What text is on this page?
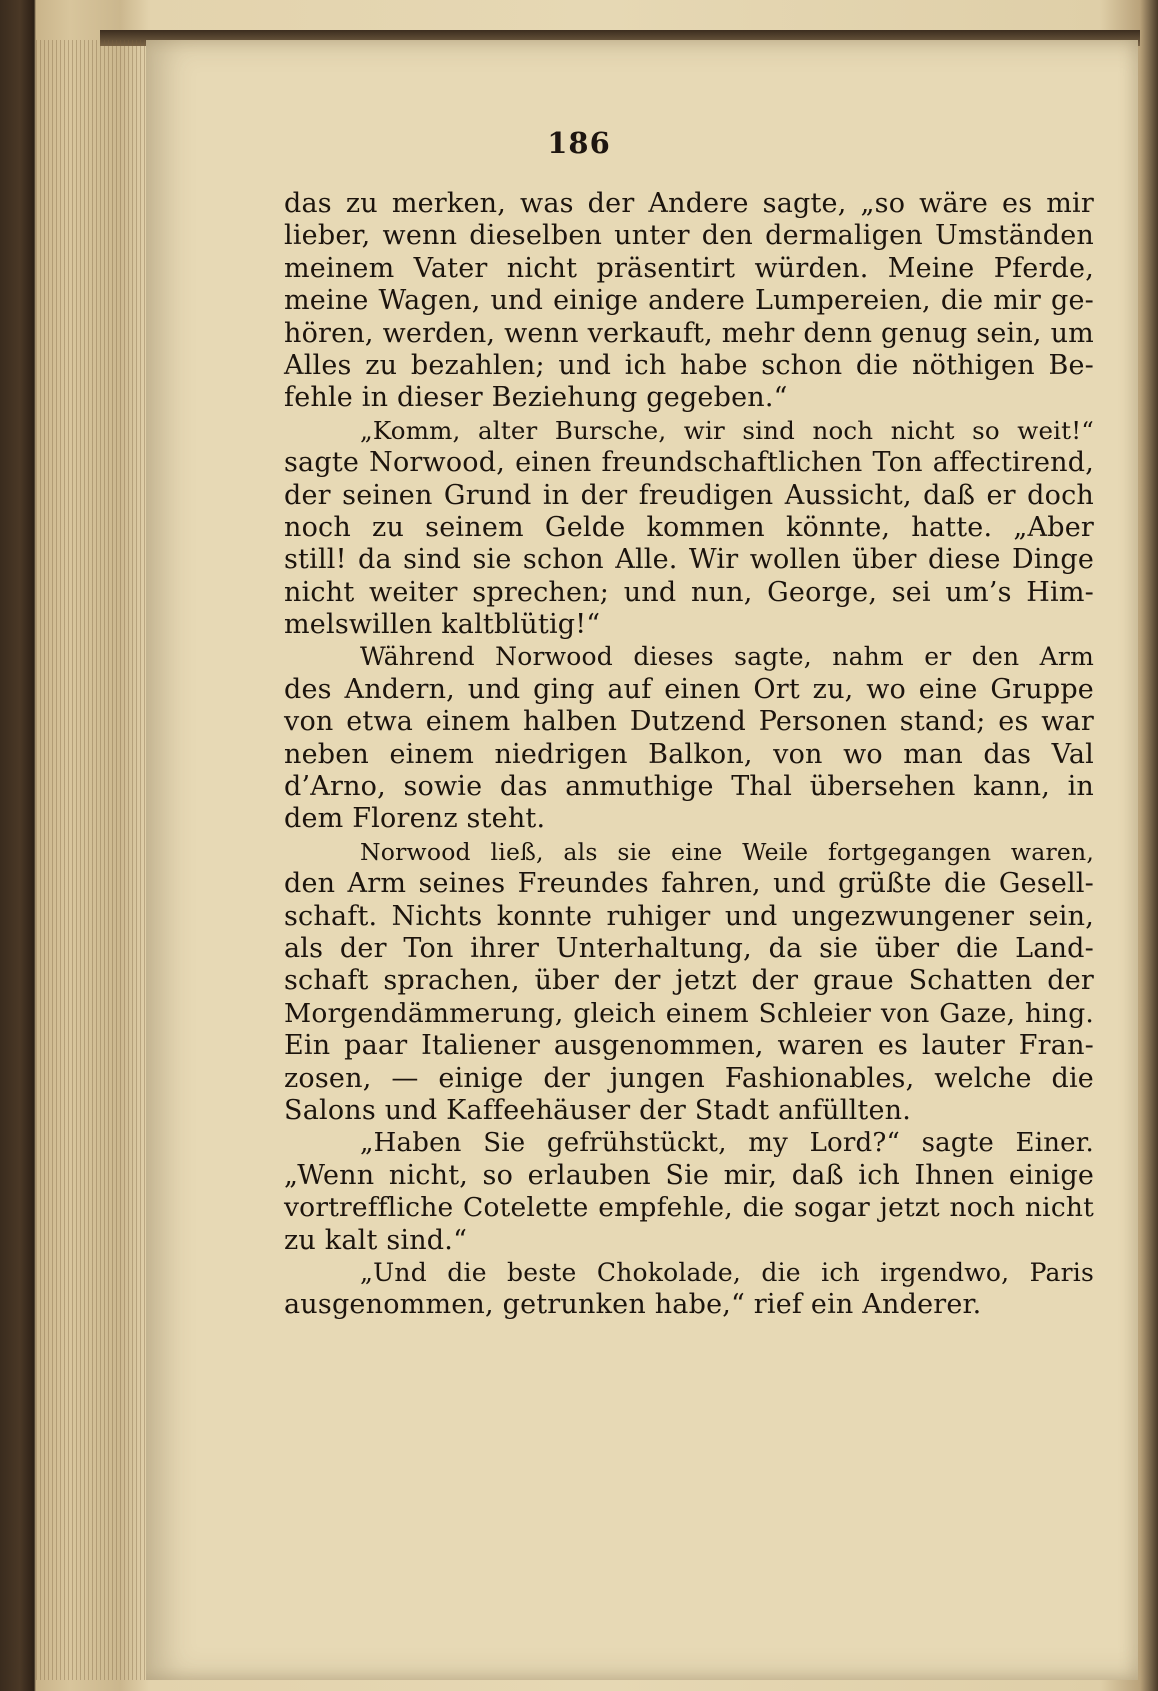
186
das zu merken, was der Andere sagte, „so wäre es mir
lieber, wenn dieselben unter den dermaligen Umständen
meinem Vater nicht präsentirt würden. Meine Pferde,
meine Wagen, und einige andere Lumpereien, die mir ge-
hören, werden, wenn verkauft, mehr denn genug sein, um
Alles zu bezahlen; und ich habe schon die nöthigen Be-
fehle in dieser Beziehung gegeben.“
„Komm, alter Bursche, wir sind noch nicht so weit!“
sagte Norwood, einen freundschaftlichen Ton affectirend,
der seinen Grund in der freudigen Aussicht, daß er doch
noch zu seinem Gelde kommen könnte, hatte. „Aber
still! da sind sie schon Alle. Wir wollen über diese Dinge
nicht weiter sprechen; und nun, George, sei um’s Him-
melswillen kaltblütig!“
Während Norwood dieses sagte, nahm er den Arm
des Andern, und ging auf einen Ort zu, wo eine Gruppe
von etwa einem halben Dutzend Personen stand; es war
neben einem niedrigen Balkon, von wo man das Val
d’Arno, sowie das anmuthige Thal übersehen kann, in
dem Florenz steht.
Norwood ließ, als sie eine Weile fortgegangen waren,
den Arm seines Freundes fahren, und grüßte die Gesell-
schaft. Nichts konnte ruhiger und ungezwungener sein,
als der Ton ihrer Unterhaltung, da sie über die Land-
schaft sprachen, über der jetzt der graue Schatten der
Morgendämmerung, gleich einem Schleier von Gaze, hing.
Ein paar Italiener ausgenommen, waren es lauter Fran-
zosen, — einige der jungen Fashionables, welche die
Salons und Kaffeehäuser der Stadt anfüllten.
„Haben Sie gefrühstückt, my Lord?“ sagte Einer.
„Wenn nicht, so erlauben Sie mir, daß ich Ihnen einige
vortreffliche Cotelette empfehle, die sogar jetzt noch nicht
zu kalt sind.“
„Und die beste Chokolade, die ich irgendwo, Paris
ausgenommen, getrunken habe,“ rief ein Anderer.
